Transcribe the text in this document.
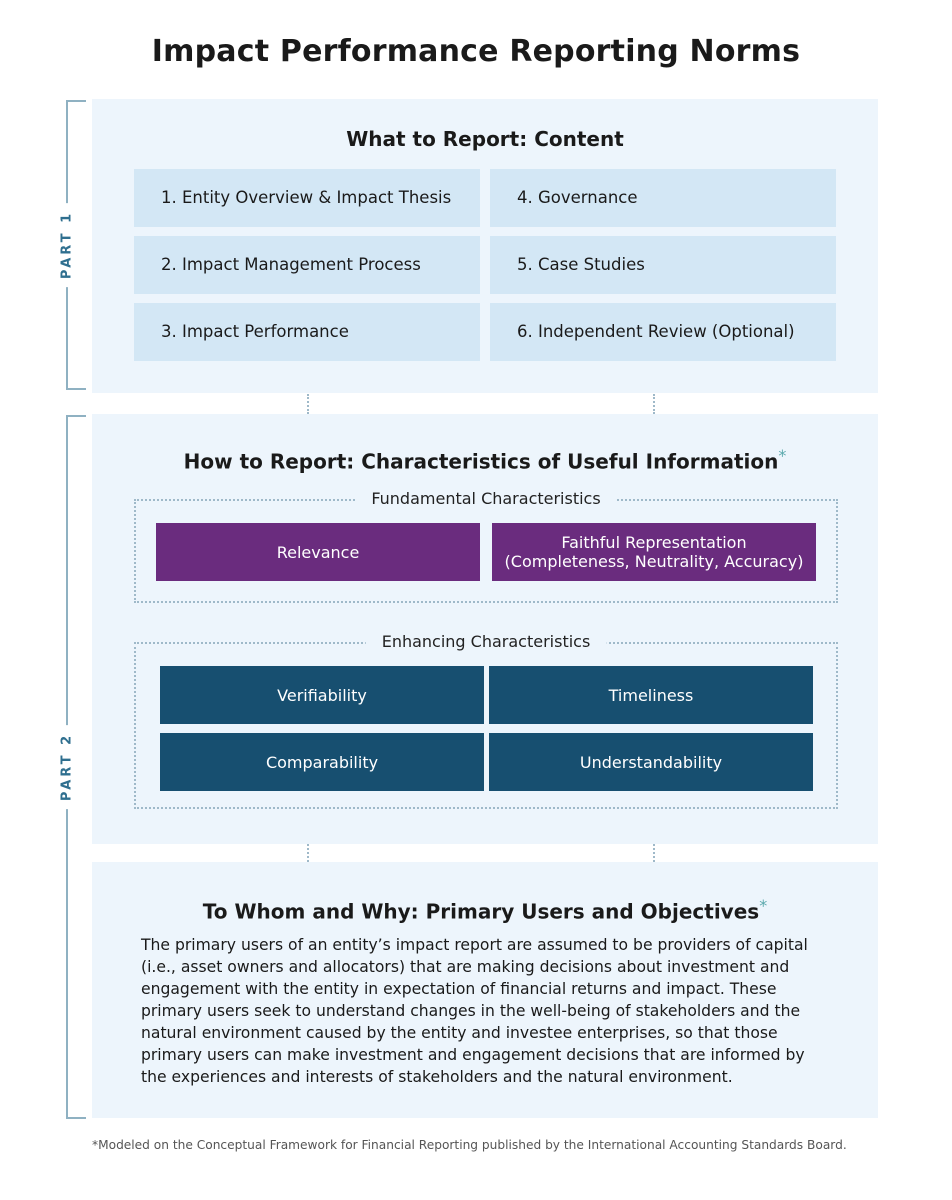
Impact Performance Reporting Norms
PART 1
PART 2
What to Report: Content
1. Entity Overview & Impact Thesis
2. Impact Management Process
3. Impact Performance
4. Governance
5. Case Studies
6. Independent Review (Optional)
How to Report: Characteristics of Useful Information*
Fundamental Characteristics
Relevance	Faithful Representation
(Completeness, Neutrality, Accuracy)
Enhancing Characteristics
Verifiability	Timeliness
Comparability	Understandability
To Whom and Why: Primary Users and Objectives*
The primary users of an entity’s impact report are assumed to be providers of capital (i.e., asset owners and allocators) that are making decisions about investment and engagement with the entity in expectation of financial returns and impact. These primary users seek to understand changes in the well-being of stakeholders and the natural environment caused by the entity and investee enterprises, so that those primary users can make investment and engagement decisions that are informed by the experiences and interests of stakeholders and the natural environment.
*Modeled on the Conceptual Framework for Financial Reporting published by the International Accounting Standards Board.
